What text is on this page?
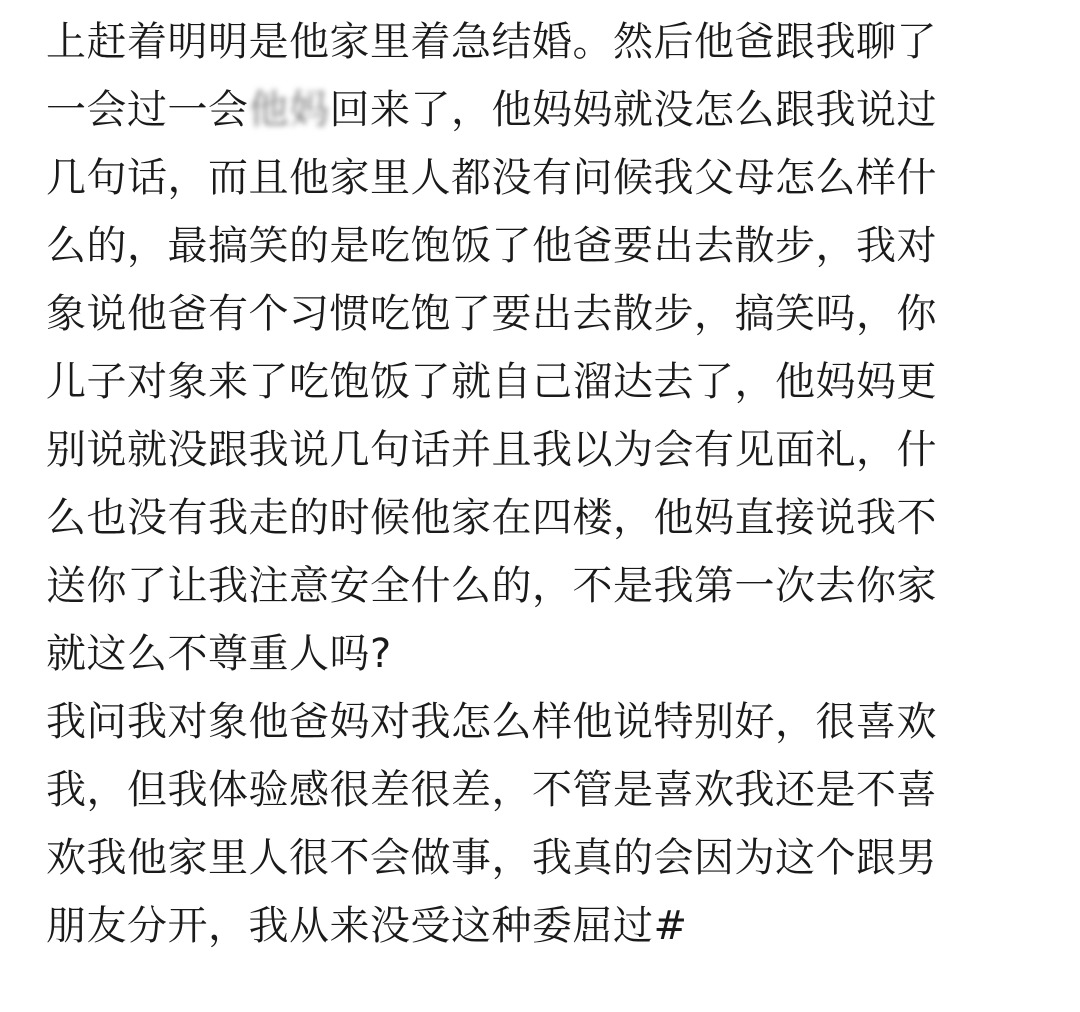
上赶着明明是他家里着急结婚。然后他爸跟我聊了
一会过一会他妈回来了，他妈妈就没怎么跟我说过
几句话，而且他家里人都没有问候我父母怎么样什
么的，最搞笑的是吃饱饭了他爸要出去散步，我对
象说他爸有个习惯吃饱了要出去散步，搞笑吗，你
儿子对象来了吃饱饭了就自己溜达去了，他妈妈更
别说就没跟我说几句话并且我以为会有见面礼，什
么也没有我走的时候他家在四楼，他妈直接说我不
送你了让我注意安全什么的，不是我第一次去你家
就这么不尊重人吗?
我问我对象他爸妈对我怎么样他说特别好，很喜欢
我，但我体验感很差很差，不管是喜欢我还是不喜
欢我他家里人很不会做事，我真的会因为这个跟男
朋友分开，我从来没受这种委屈过#
